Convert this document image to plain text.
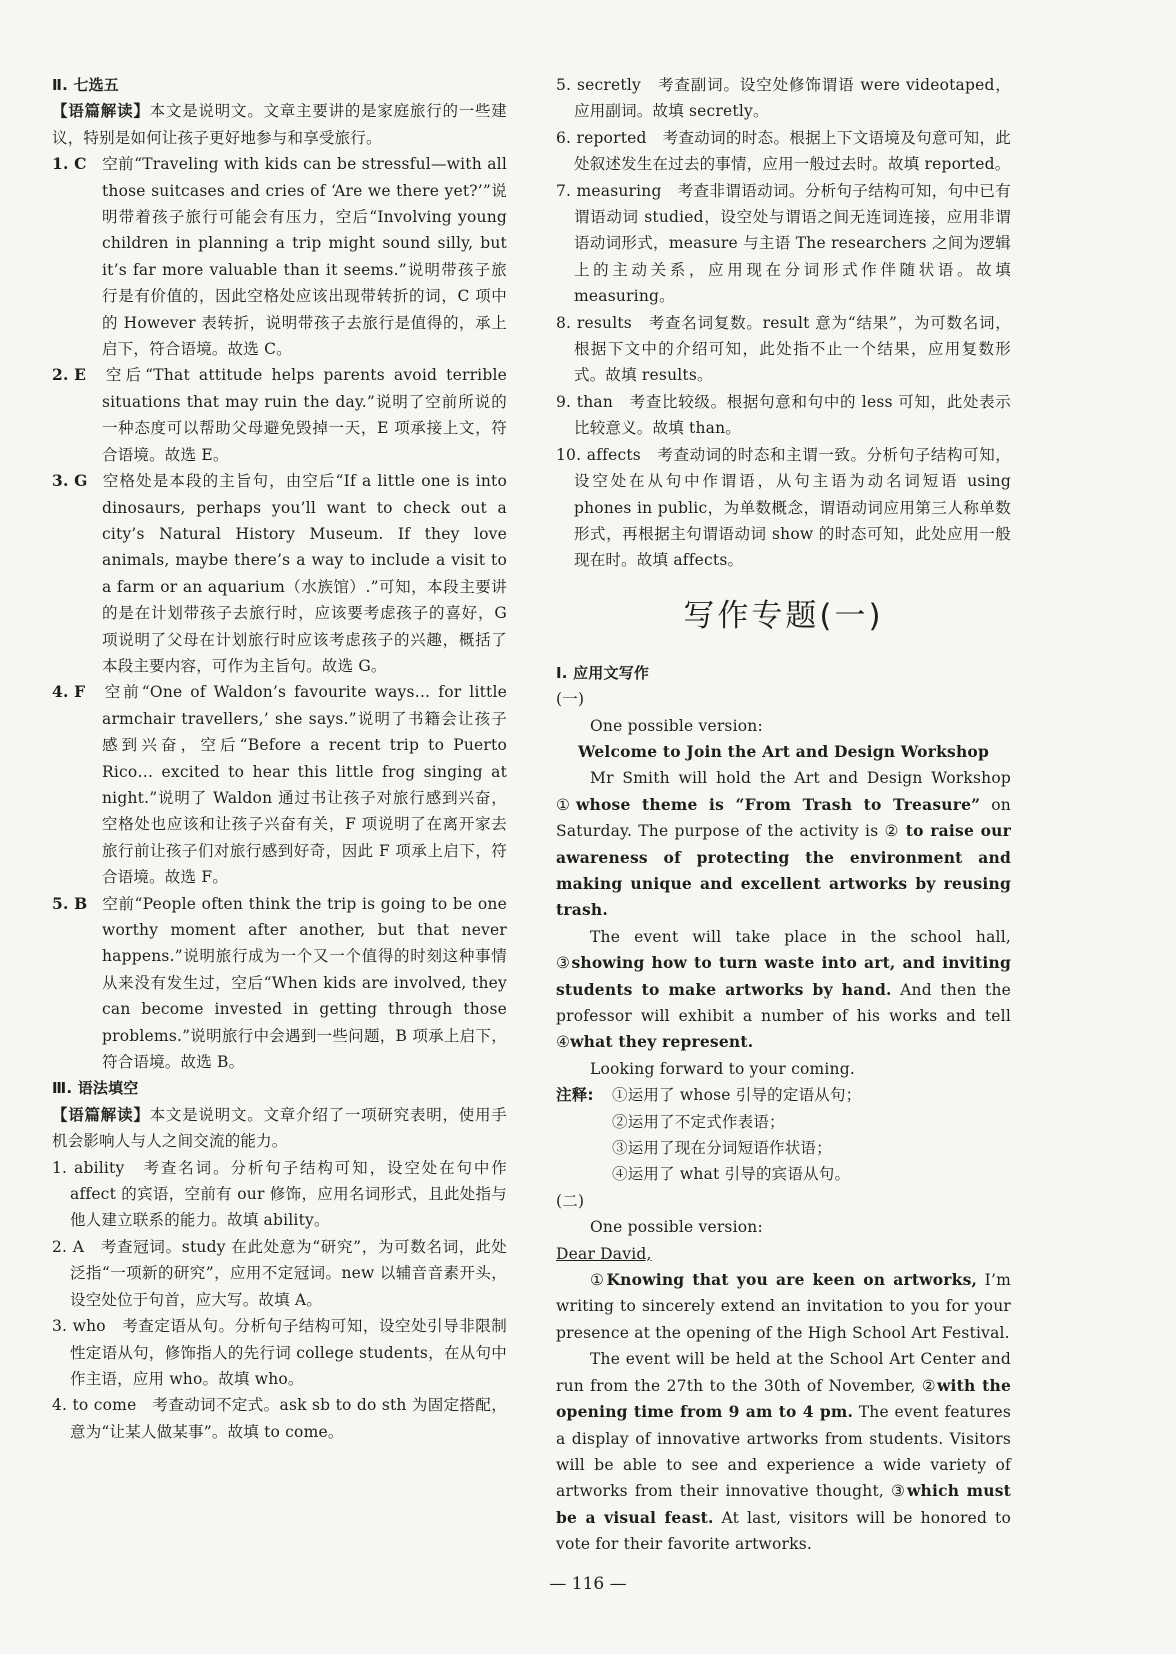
Ⅱ. 七选五
【语篇解读】本文是说明文。文章主要讲的是家庭旅行的一些建议，特别是如何让孩子更好地参与和享受旅行。
1. C 空前“Traveling with kids can be stressful—with all those suitcases and cries of ‘Are we there yet?’”说明带着孩子旅行可能会有压力，空后“Involving young children in planning a trip might sound silly, but it’s far more valuable than it seems.”说明带孩子旅行是有价值的，因此空格处应该出现带转折的词，C 项中的 However 表转折，说明带孩子去旅行是值得的，承上启下，符合语境。故选 C。
2. E 空后“That attitude helps parents avoid terrible situations that may ruin the day.”说明了空前所说的一种态度可以帮助父母避免毁掉一天，E 项承接上文，符合语境。故选 E。
3. G 空格处是本段的主旨句，由空后“If a little one is into dinosaurs, perhaps you’ll want to check out a city’s Natural History Museum. If they love animals, maybe there’s a way to include a visit to a farm or an aquarium（水族馆）.”可知，本段主要讲的是在计划带孩子去旅行时，应该要考虑孩子的喜好，G 项说明了父母在计划旅行时应该考虑孩子的兴趣，概括了本段主要内容，可作为主旨句。故选 G。
4. F 空前“One of Waldon’s favourite ways… for little armchair travellers,’ she says.”说明了书籍会让孩子感到兴奋，空后“Before a recent trip to Puerto Rico… excited to hear this little frog singing at night.”说明了 Waldon 通过书让孩子对旅行感到兴奋，空格处也应该和让孩子兴奋有关，F 项说明了在离开家去旅行前让孩子们对旅行感到好奇，因此 F 项承上启下，符合语境。故选 F。
5. B 空前“People often think the trip is going to be one worthy moment after another, but that never happens.”说明旅行成为一个又一个值得的时刻这种事情从来没有发生过，空后“When kids are involved, they can become invested in getting through those problems.”说明旅行中会遇到一些问题，B 项承上启下，符合语境。故选 B。
Ⅲ. 语法填空
【语篇解读】本文是说明文。文章介绍了一项研究表明，使用手机会影响人与人之间交流的能力。
1. ability　考查名词。分析句子结构可知，设空处在句中作 affect 的宾语，空前有 our 修饰，应用名词形式，且此处指与他人建立联系的能力。故填 ability。
2. A　考查冠词。study 在此处意为“研究”，为可数名词，此处泛指“一项新的研究”，应用不定冠词。new 以辅音音素开头，设空处位于句首，应大写。故填 A。
3. who　考查定语从句。分析句子结构可知，设空处引导非限制性定语从句，修饰指人的先行词 college students，在从句中作主语，应用 who。故填 who。
4. to come　考查动词不定式。ask sb to do sth 为固定搭配，意为“让某人做某事”。故填 to come。
5. secretly　考查副词。设空处修饰谓语 were videotaped，应用副词。故填 secretly。
6. reported　考查动词的时态。根据上下文语境及句意可知，此处叙述发生在过去的事情，应用一般过去时。故填 reported。
7. measuring　考查非谓语动词。分析句子结构可知，句中已有谓语动词 studied，设空处与谓语之间无连词连接，应用非谓语动词形式，measure 与主语 The researchers 之间为逻辑上的主动关系，应用现在分词形式作伴随状语。故填 measuring。
8. results　考查名词复数。result 意为“结果”，为可数名词，根据下文中的介绍可知，此处指不止一个结果，应用复数形式。故填 results。
9. than　考查比较级。根据句意和句中的 less 可知，此处表示比较意义。故填 than。
10. affects　考查动词的时态和主谓一致。分析句子结构可知，设空处在从句中作谓语，从句主语为动名词短语 using phones in public，为单数概念，谓语动词应用第三人称单数形式，再根据主句谓语动词 show 的时态可知，此处应用一般现在时。故填 affects。
写作专题(一)
Ⅰ. 应用文写作
(一)
One possible version:
Welcome to Join the Art and Design Workshop
Mr Smith will hold the Art and Design Workshop ①whose theme is “From Trash to Treasure” on Saturday. The purpose of the activity is ② to raise our awareness of protecting the environment and making unique and excellent artworks by reusing trash.
The event will take place in the school hall, ③showing how to turn waste into art, and inviting students to make artworks by hand. And then the professor will exhibit a number of his works and tell ④what they represent.
Looking forward to your coming.
注释: ①运用了 whose 引导的定语从句；
②运用了不定式作表语；
③运用了现在分词短语作状语；
④运用了 what 引导的宾语从句。
(二)
One possible version:
Dear David,
①Knowing that you are keen on artworks, I’m writing to sincerely extend an invitation to you for your presence at the opening of the High School Art Festival.
The event will be held at the School Art Center and run from the 27th to the 30th of November, ②with the opening time from 9 am to 4 pm. The event features a display of innovative artworks from students. Visitors will be able to see and experience a wide variety of artworks from their innovative thought, ③which must be a visual feast. At last, visitors will be honored to vote for their favorite artworks.
— 116 —
